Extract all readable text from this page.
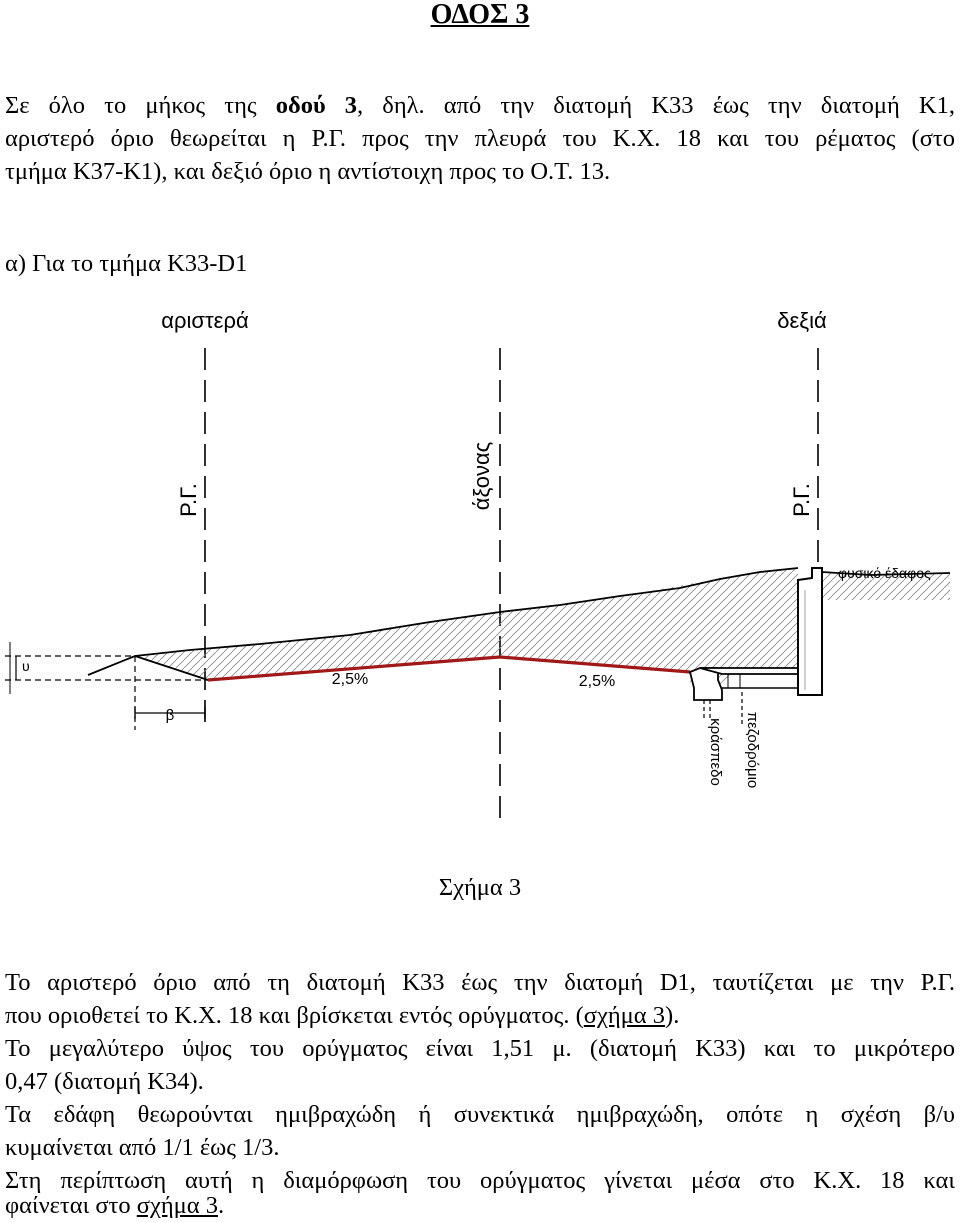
ΟΔΟΣ 3
Σε όλο το μήκος της οδού 3, δηλ. από την διατομή Κ33 έως την διατομή Κ1,
αριστερό όριο θεωρείται η Ρ.Γ. προς την πλευρά του Κ.Χ. 18 και του ρέματος (στο
τμήμα Κ37-Κ1), και δεξιό όριο η αντίστοιχη προς το Ο.Τ. 13.
α) Για το τμήμα Κ33-D1
αριστερά	δεξιά
Ρ.Γ.	άξονας	Ρ.Γ.
φυσικό έδαφος
2,5%	2,5%
υ
β
κράσπεδο πεζοδρόμιο
Σχήμα 3
Το αριστερό όριο από τη διατομή Κ33 έως την διατομή D1, ταυτίζεται με την Ρ.Γ.
που οριοθετεί το Κ.Χ. 18 και βρίσκεται εντός ορύγματος. (σχήμα 3).
Το μεγαλύτερο ύψος του ορύγματος είναι 1,51 μ. (διατομή Κ33) και το μικρότερο
0,47 (διατομή Κ34).
Τα εδάφη θεωρούνται ημιβραχώδη ή συνεκτικά ημιβραχώδη, οπότε η σχέση β/υ
κυμαίνεται από 1/1 έως 1/3.
Στη περίπτωση αυτή η διαμόρφωση του ορύγματος γίνεται μέσα στο Κ.Χ. 18 και
φαίνεται στο σχήμα 3.
